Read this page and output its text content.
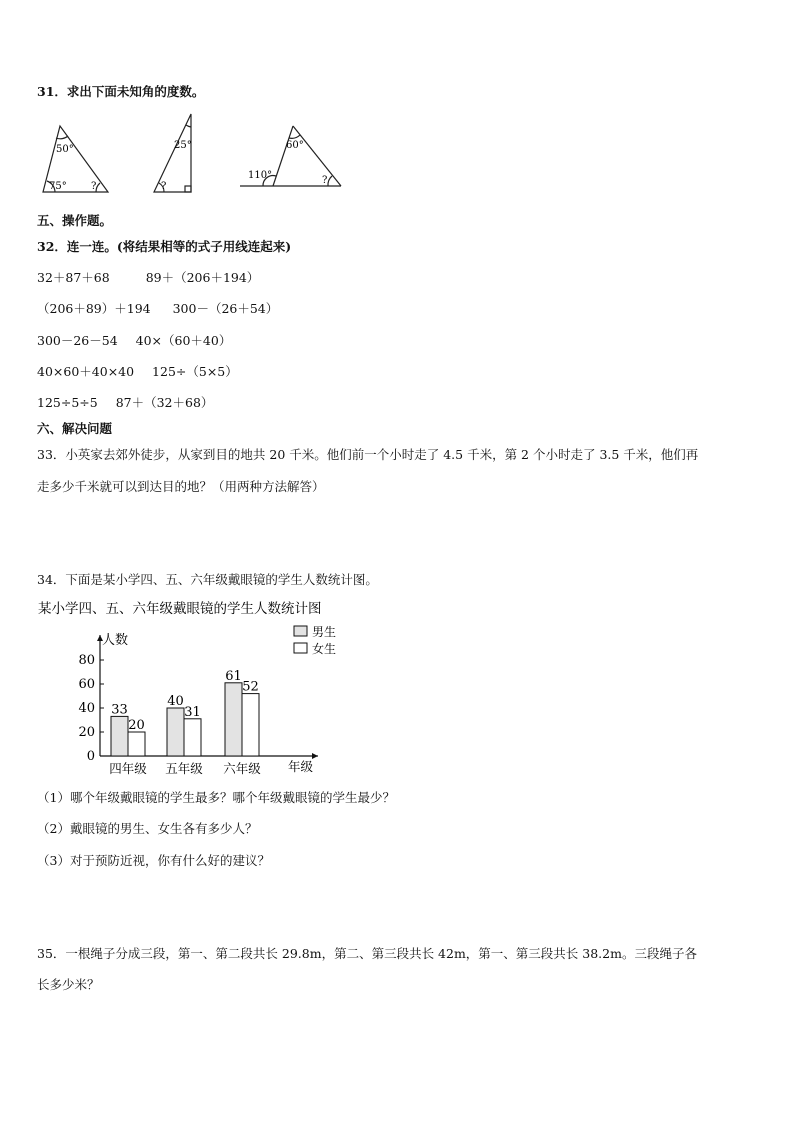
31．求出下面未知角的度数。
50°
75° ?
25°
?
60°
110°	?
五、操作题。
32．连一连。(将结果相等的式子用线连起来)
32＋87＋68	89＋（206＋194）
（206＋89）＋194 300－（26＋54）
300－26－54 40×（60＋40）
40×60＋40×40 125÷（5×5）
125÷5÷5 87＋（32＋68）
六、解决问题
33．小英家去郊外徒步，从家到目的地共 20 千米。他们前一个小时走了 4.5 千米，第 2 个小时走了 3.5 千米，他们再
走多少千米就可以到达目的地？（用两种方法解答）
34．下面是某小学四、五、六年级戴眼镜的学生人数统计图。
某小学四、五、六年级戴眼镜的学生人数统计图
人数
年级
男生
女生
0
20
40
60
80
33
20
四年级
40
31
五年级
61
52
六年级
（1）哪个年级戴眼镜的学生最多？哪个年级戴眼镜的学生最少？
（2）戴眼镜的男生、女生各有多少人？
（3）对于预防近视，你有什么好的建议？
35．一根绳子分成三段，第一、第二段共长 29.8m，第二、第三段共长 42m，第一、第三段共长 38.2m。三段绳子各
长多少米？
